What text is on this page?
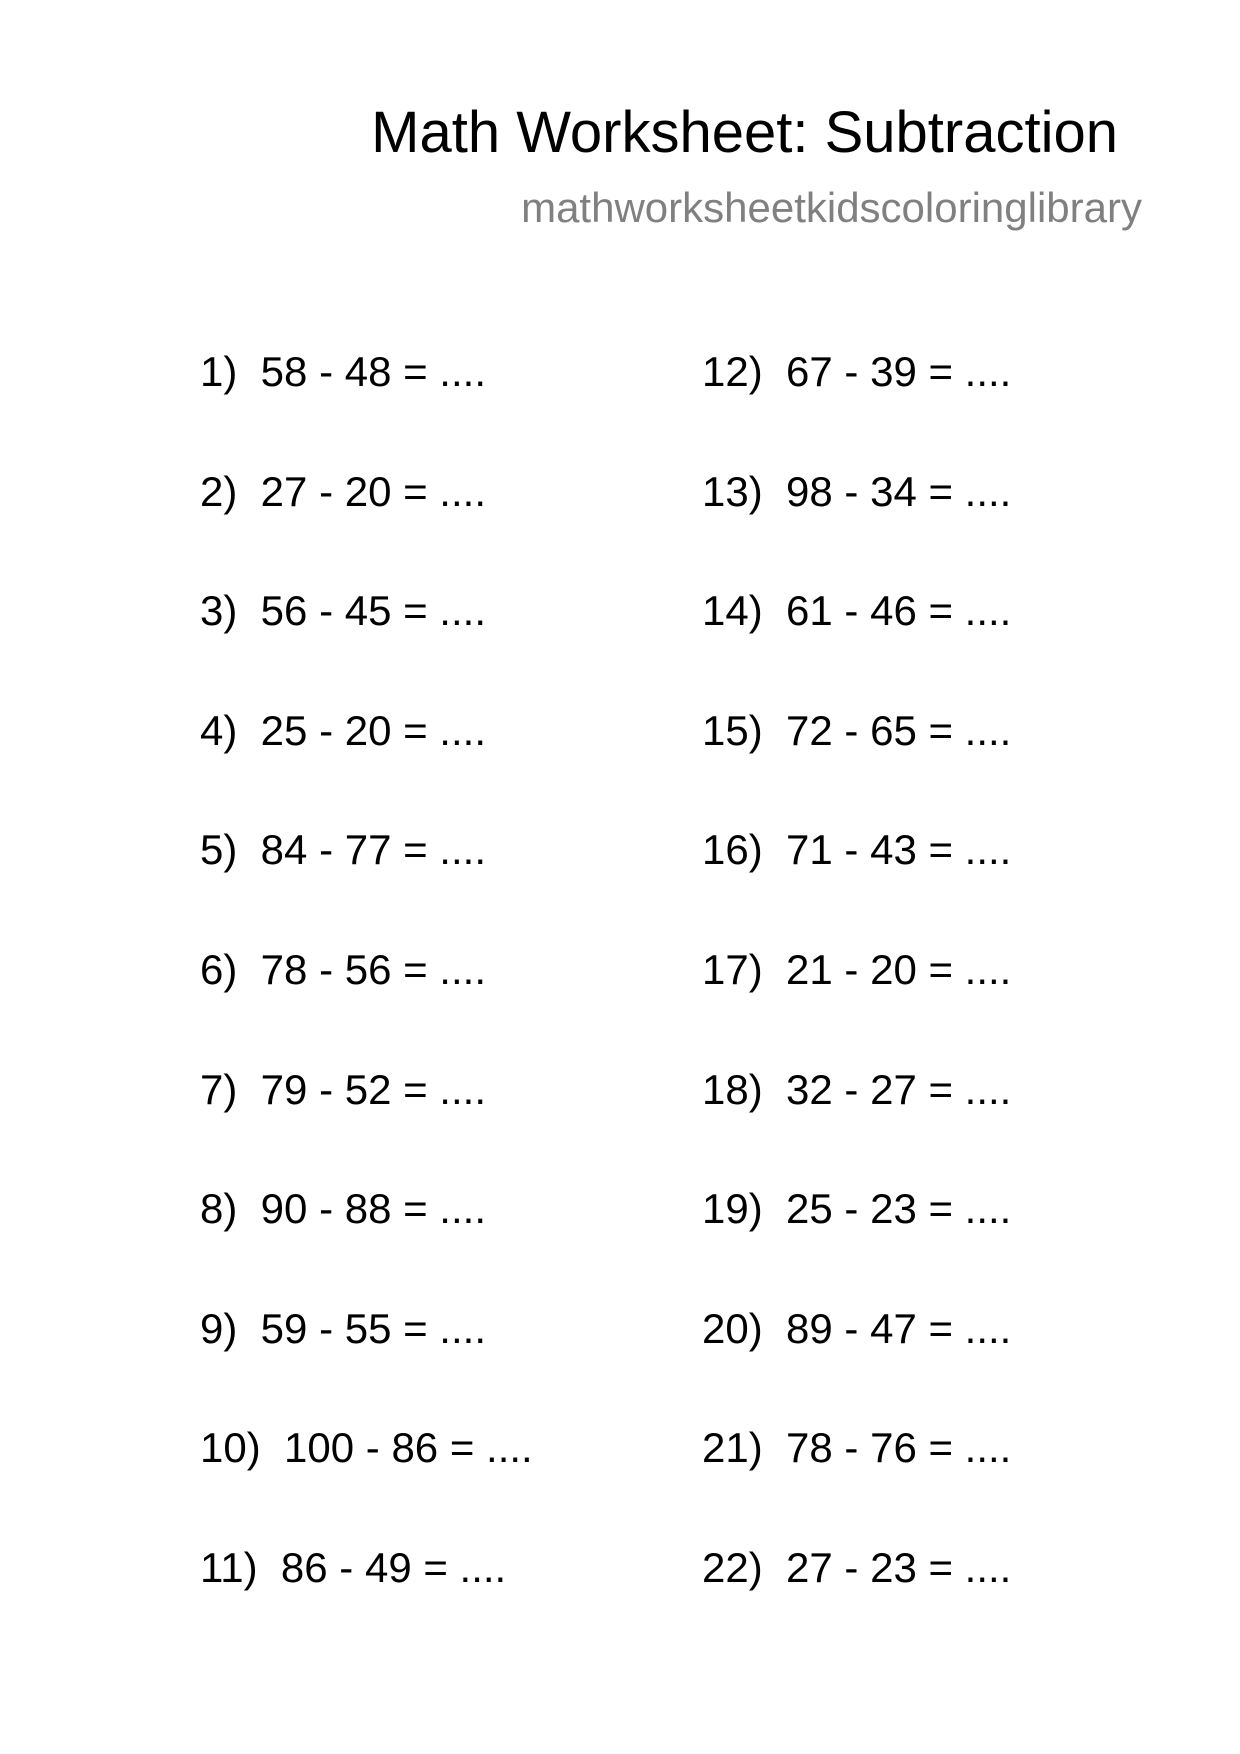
Math Worksheet: Subtraction
mathworksheetkidscoloringlibrary
1)  58 - 48 = ....
2)  27 - 20 = ....
3)  56 - 45 = ....
4)  25 - 20 = ....
5)  84 - 77 = ....
6)  78 - 56 = ....
7)  79 - 52 = ....
8)  90 - 88 = ....
9)  59 - 55 = ....
10)  100 - 86 = ....
11)  86 - 49 = ....
12)  67 - 39 = ....
13)  98 - 34 = ....
14)  61 - 46 = ....
15)  72 - 65 = ....
16)  71 - 43 = ....
17)  21 - 20 = ....
18)  32 - 27 = ....
19)  25 - 23 = ....
20)  89 - 47 = ....
21)  78 - 76 = ....
22)  27 - 23 = ....
